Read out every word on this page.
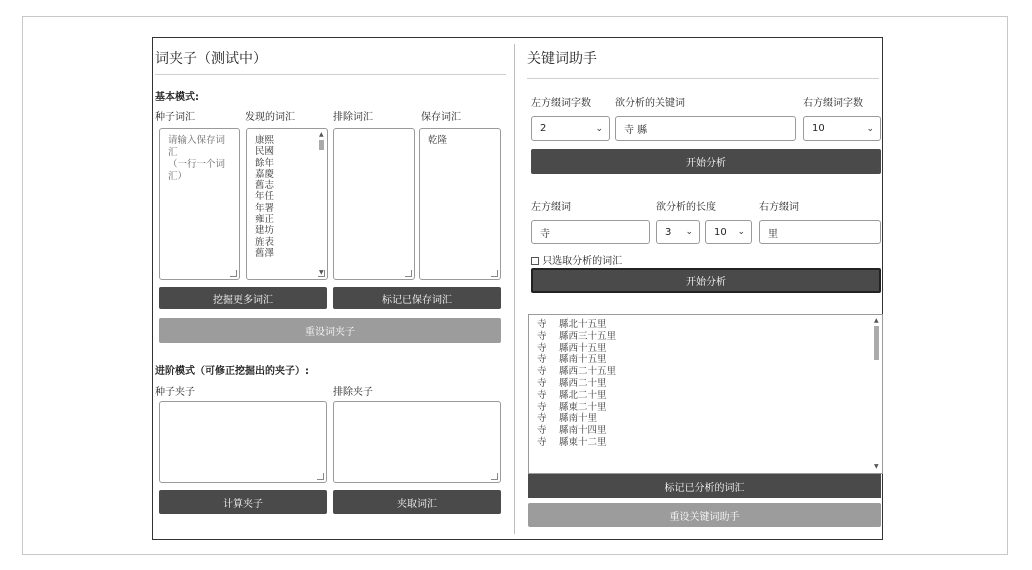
词夹子（测试中）
基本模式:
种子词汇	发现的词汇	排除词汇	保存词汇
请输入保存词汇
（一行一个词
汇）
康熙
民國
餘年
嘉慶
舊志
年任
年署
雍正
建坊
旌表
舊澤
▲
▼
乾隆
挖掘更多词汇	标记已保存词汇
重设词夹子
进阶模式（可修正挖掘出的夹子）:
种子夹子	排除夹子
计算夹子	夹取词汇
关键词助手
左方缀词字数 欲分析的关键词	右方缀词字数
2	⌄ 寺 縣	10	⌄
开始分析
左方缀词	欲分析的长度	右方缀词
寺	3 ⌄ 10 ⌄ 里
只选取分析的词汇
开始分析
寺	縣北十五里
寺	縣西三十五里
寺	縣西十五里
寺	縣南十五里
寺	縣西二十五里
寺	縣西二十里
寺	縣北二十里
寺	縣東二十里
寺	縣南十里
寺	縣南十四里
寺	縣東十二里
▲
▼
标记已分析的词汇
重设关键词助手
